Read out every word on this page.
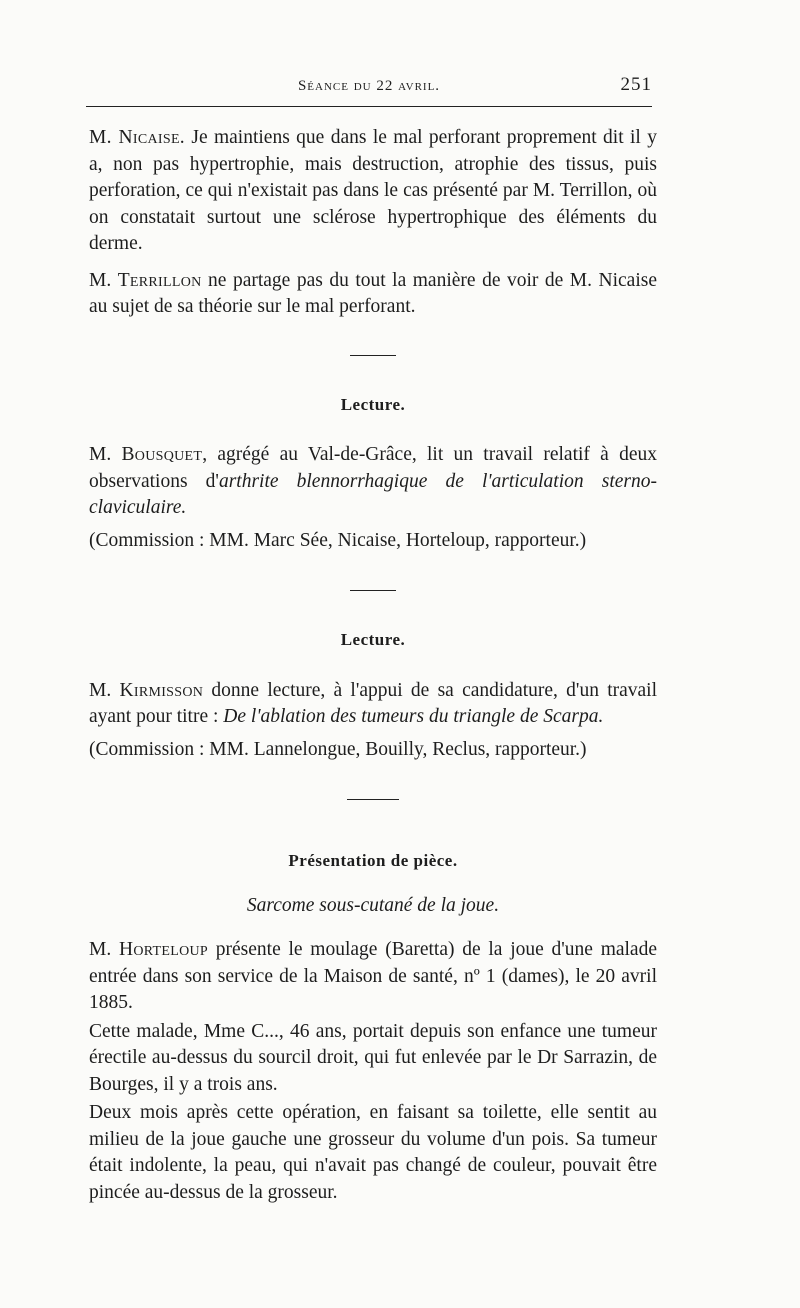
Séance du 22 avril.	251

M. Nicaise. Je maintiens que dans le mal perforant proprement dit il y a, non pas hypertrophie, mais destruction, atrophie des tissus, puis perforation, ce qui n'existait pas dans le cas présenté par M. Terrillon, où on constatait surtout une sclérose hypertrophique des éléments du derme.

M. Terrillon ne partage pas du tout la manière de voir de M. Nicaise au sujet de sa théorie sur le mal perforant.

Lecture.

M. Bousquet, agrégé au Val-de-Grâce, lit un travail relatif à deux observations d'arthrite blennorrhagique de l'articulation sterno-claviculaire.

(Commission : MM. Marc Sée, Nicaise, Horteloup, rapporteur.)

Lecture.

M. Kirmisson donne lecture, à l'appui de sa candidature, d'un travail ayant pour titre : De l'ablation des tumeurs du triangle de Scarpa.

(Commission : MM. Lannelongue, Bouilly, Reclus, rapporteur.)

Présentation de pièce.

Sarcome sous-cutané de la joue.

M. Horteloup présente le moulage (Baretta) de la joue d'une malade entrée dans son service de la Maison de santé, nº 1 (dames), le 20 avril 1885.

Cette malade, Mme C..., 46 ans, portait depuis son enfance une tumeur érectile au-dessus du sourcil droit, qui fut enlevée par le Dr Sarrazin, de Bourges, il y a trois ans.

Deux mois après cette opération, en faisant sa toilette, elle sentit au milieu de la joue gauche une grosseur du volume d'un pois. Sa tumeur était indolente, la peau, qui n'avait pas changé de couleur, pouvait être pincée au-dessus de la grosseur.
